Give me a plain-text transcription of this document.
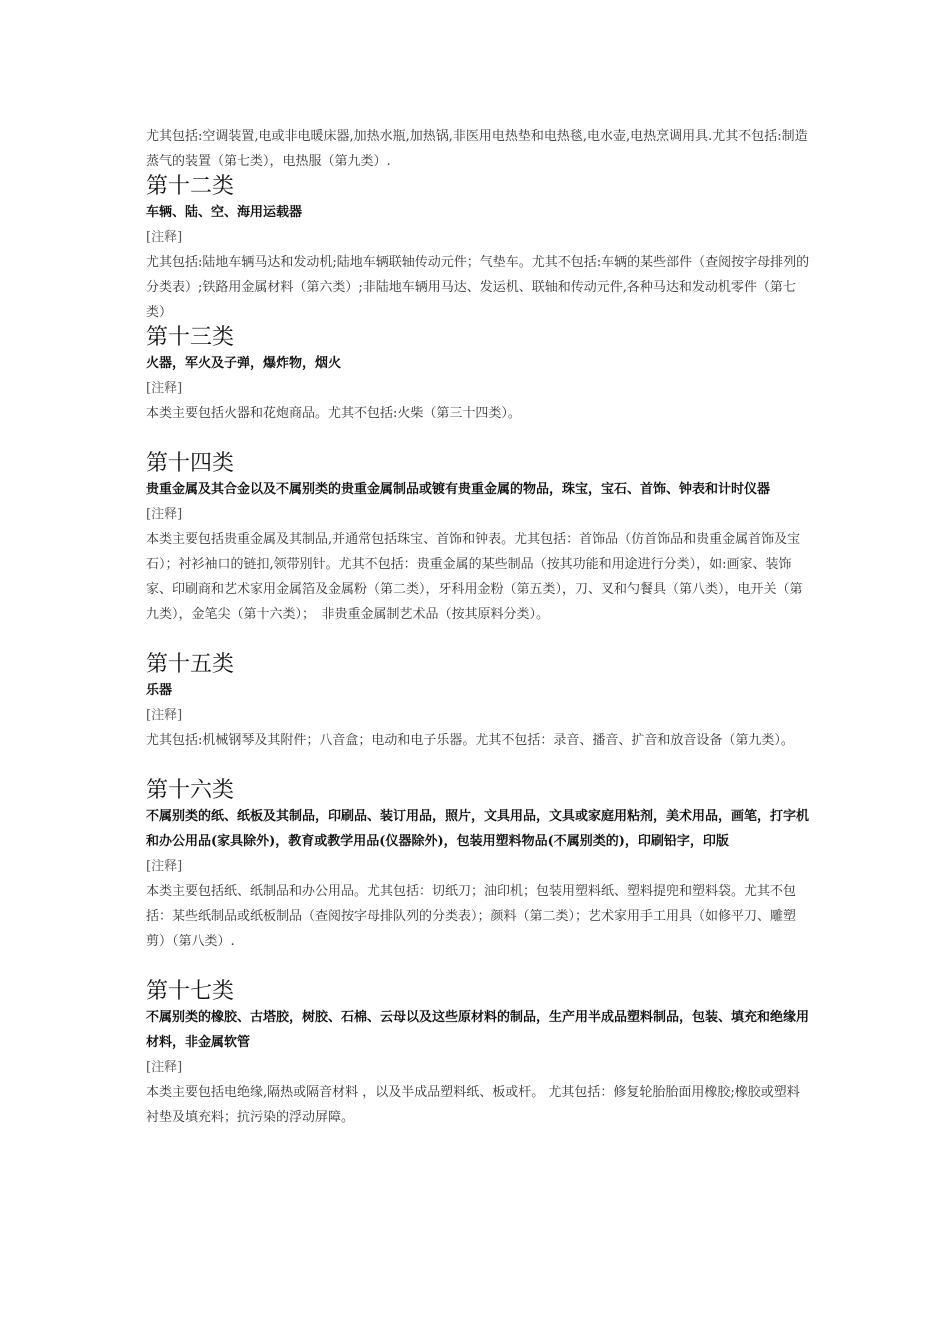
尤其包括:空调装置,电或非电暖床器,加热水瓶,加热锅,非医用电热垫和电热毯,电水壶,电热烹调用具.尤其不包括:制造蒸气的装置（第七类），电热服（第九类）.

第十二类

车辆、陆、空、海用运载器

[注释]

尤其包括:陆地车辆马达和发动机;陆地车辆联轴传动元件；气垫车。尤其不包括:车辆的某些部件（查阅按字母排列的分类表）;铁路用金属材料（第六类）;非陆地车辆用马达、发运机、联轴和传动元件,各种马达和发动机零件（第七类）

第十三类

火器，军火及子弹，爆炸物，烟火

[注释]

本类主要包括火器和花炮商品。尤其不包括:火柴（第三十四类）。

第十四类

贵重金属及其合金以及不属别类的贵重金属制品或镀有贵重金属的物品，珠宝，宝石、首饰、钟表和计时仪器

[注释]

本类主要包括贵重金属及其制品,并通常包括珠宝、首饰和钟表。尤其包括：首饰品（仿首饰品和贵重金属首饰及宝石）；衬衫袖口的链扣,领带别针。尤其不包括：贵重金属的某些制品（按其功能和用途进行分类），如:画家、装饰家、印刷商和艺术家用金属箔及金属粉（第二类），牙科用金粉（第五类），刀、叉和勺餐具（第八类），电开关（第九类），金笔尖（第十六类）；　非贵重金属制艺术品（按其原料分类）。

第十五类

乐器

[注释]

尤其包括:机械钢琴及其附件；八音盒；电动和电子乐器。尤其不包括：录音、播音、扩音和放音设备（第九类）。

第十六类

不属别类的纸、纸板及其制品，印刷品、装订用品，照片，文具用品，文具或家庭用粘剂，美术用品，画笔，打字机和办公用品(家具除外)，教育或教学用品(仪器除外)，包装用塑料物品(不属别类的)，印刷铅字，印版

[注释]

本类主要包括纸、纸制品和办公用品。尤其包括：切纸刀；油印机；包装用塑料纸、塑料提兜和塑料袋。尤其不包括：某些纸制品或纸板制品（查阅按字母排队列的分类表）；颜料（第二类）；艺术家用手工用具（如修平刀、雕塑剪）（第八类）.

第十七类

不属别类的橡胶、古塔胶，树胶、石棉、云母以及这些原材料的制品，生产用半成品塑料制品，包装、填充和绝缘用材料，非金属软管

[注释]

本类主要包括电绝缘,隔热或隔音材料 ，以及半成品塑料纸、板或杆。 尤其包括：修复轮胎胎面用橡胶;橡胶或塑料衬垫及填充料；抗污染的浮动屏障。
